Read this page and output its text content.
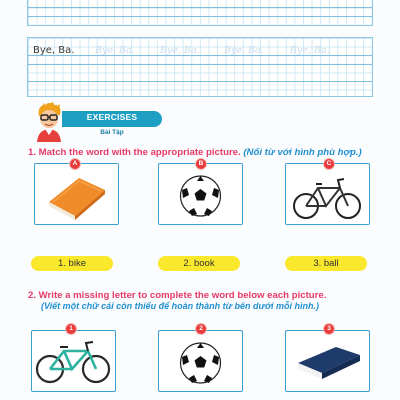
Bye, Ba. Bye, Ba.	Bye, Ba.	Bye, Ba.	Bye, Ba.
EXERCISES
Bài Tập
1. Match the word with the appropriate picture. (Nối từ với hình phù hợp.)
A	B	C
1. bike	2. book	3. ball
2. Write a missing letter to complete the word below each picture.
(Viết một chữ cái còn thiếu để hoàn thành từ bên dưới mỗi hình.)
1	2	3
